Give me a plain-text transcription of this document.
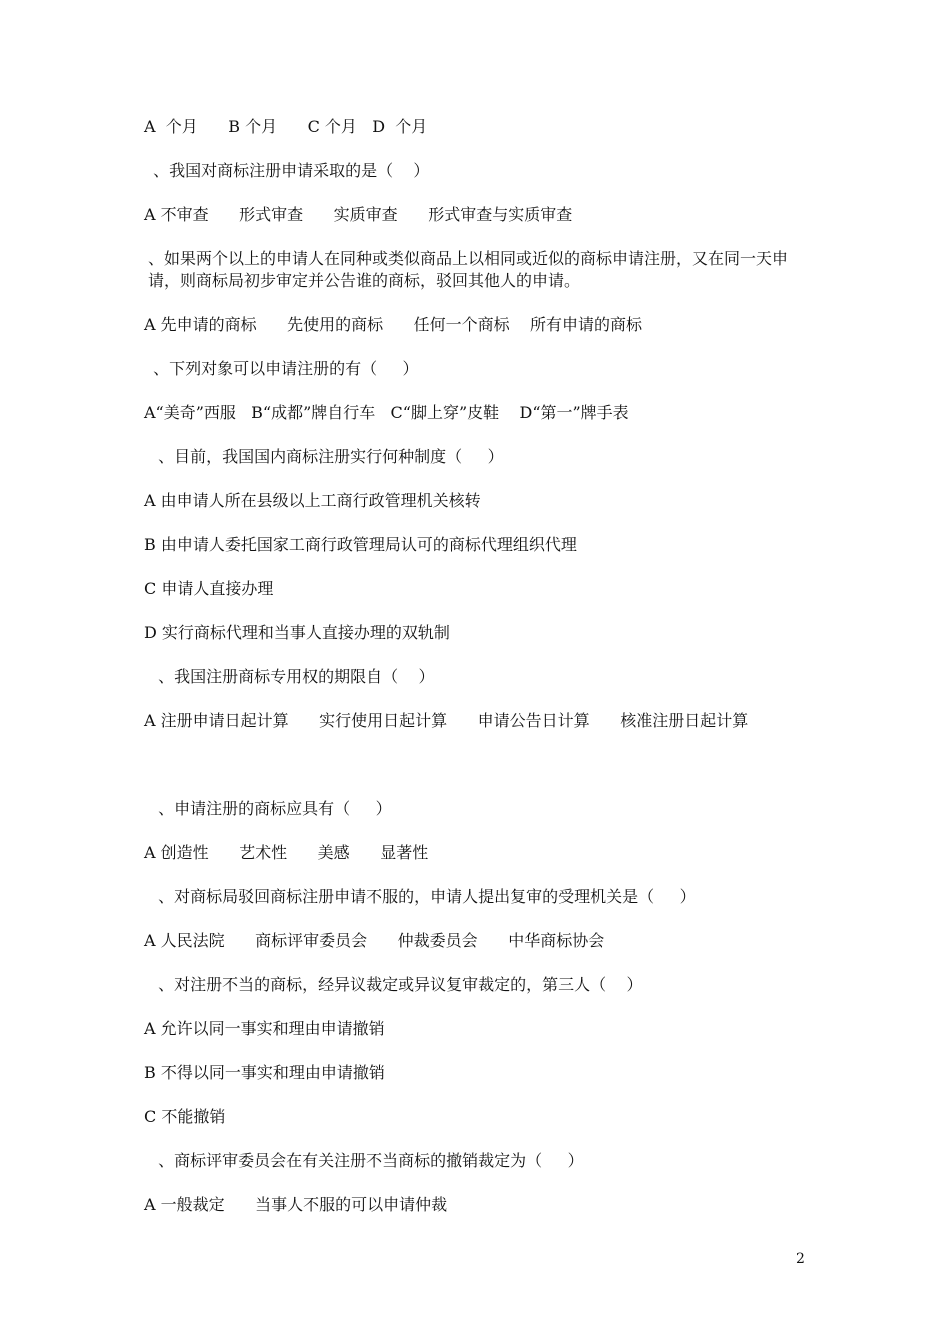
A  个月      B 个月      C 个月   D  个月
、我国对商标注册申请采取的是（    ）
A 不审查      形式审查      实质审查      形式审查与实质审查
、如果两个以上的申请人在同种或类似商品上以相同或近似的商标申请注册，又在同一天申请，则商标局初步审定并公告谁的商标，驳回其他人的申请。
A 先申请的商标      先使用的商标      任何一个商标    所有申请的商标
、下列对象可以申请注册的有（     ）
A“美奇”西服   B“成都”牌自行车   C“脚上穿”皮鞋    D“第一”牌手表
、目前，我国国内商标注册实行何种制度（     ）
A 由申请人所在县级以上工商行政管理机关核转
B 由申请人委托国家工商行政管理局认可的商标代理组织代理
C 申请人直接办理
D 实行商标代理和当事人直接办理的双轨制
、我国注册商标专用权的期限自（    ）
A 注册申请日起计算      实行使用日起计算      申请公告日计算      核准注册日起计算
、申请注册的商标应具有（     ）
A 创造性      艺术性      美感      显著性
、对商标局驳回商标注册申请不服的，申请人提出复审的受理机关是（     ）
A 人民法院      商标评审委员会      仲裁委员会      中华商标协会
、对注册不当的商标，经异议裁定或异议复审裁定的，第三人（    ）
A 允许以同一事实和理由申请撤销
B 不得以同一事实和理由申请撤销
C 不能撤销
、商标评审委员会在有关注册不当商标的撤销裁定为（     ）
A 一般裁定      当事人不服的可以申请仲裁
2
